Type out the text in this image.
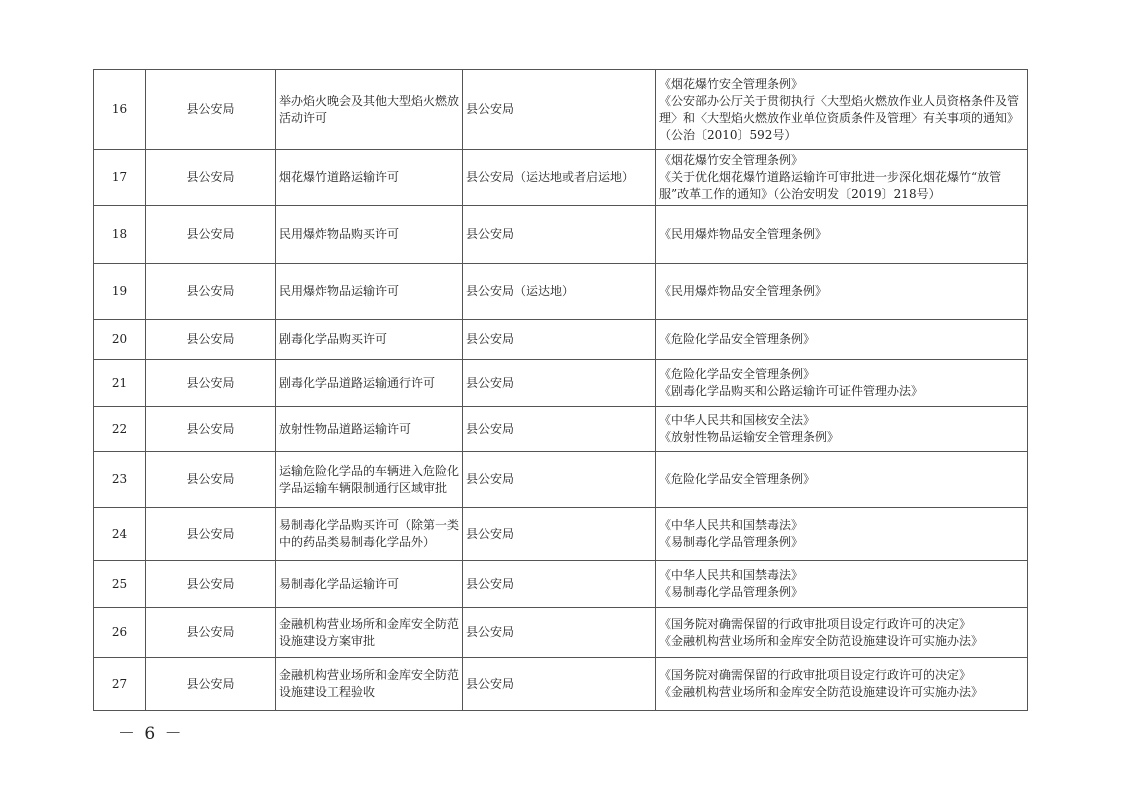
16	县公安局	举办焰火晚会及其他大型焰火燃放活动许可	县公安局	《烟花爆竹安全管理条例》
《公安部办公厅关于贯彻执行〈大型焰火燃放作业人员资格条件及管理〉和〈大型焰火燃放作业单位资质条件及管理〉有关事项的通知》（公治〔2010〕592号）

17	县公安局	烟花爆竹道路运输许可	县公安局（运达地或者启运地）	《烟花爆竹安全管理条例》
《关于优化烟花爆竹道路运输许可审批进一步深化烟花爆竹“放管服”改革工作的通知》（公治安明发〔2019〕218号）

18	县公安局	民用爆炸物品购买许可	县公安局	《民用爆炸物品安全管理条例》

19	县公安局	民用爆炸物品运输许可	县公安局（运达地）	《民用爆炸物品安全管理条例》

20	县公安局	剧毒化学品购买许可	县公安局	《危险化学品安全管理条例》

21	县公安局	剧毒化学品道路运输通行许可	县公安局	《危险化学品安全管理条例》
《剧毒化学品购买和公路运输许可证件管理办法》

22	县公安局	放射性物品道路运输许可	县公安局	《中华人民共和国核安全法》
《放射性物品运输安全管理条例》

23	县公安局	运输危险化学品的车辆进入危险化学品运输车辆限制通行区域审批	县公安局	《危险化学品安全管理条例》

24	县公安局	易制毒化学品购买许可（除第一类中的药品类易制毒化学品外）	县公安局	《中华人民共和国禁毒法》
《易制毒化学品管理条例》

25	县公安局	易制毒化学品运输许可	县公安局	《中华人民共和国禁毒法》
《易制毒化学品管理条例》

26	县公安局	金融机构营业场所和金库安全防范设施建设方案审批	县公安局	《国务院对确需保留的行政审批项目设定行政许可的决定》
《金融机构营业场所和金库安全防范设施建设许可实施办法》

27	县公安局	金融机构营业场所和金库安全防范设施建设工程验收	县公安局	《国务院对确需保留的行政审批项目设定行政许可的决定》
《金融机构营业场所和金库安全防范设施建设许可实施办法》
－ 6 －
